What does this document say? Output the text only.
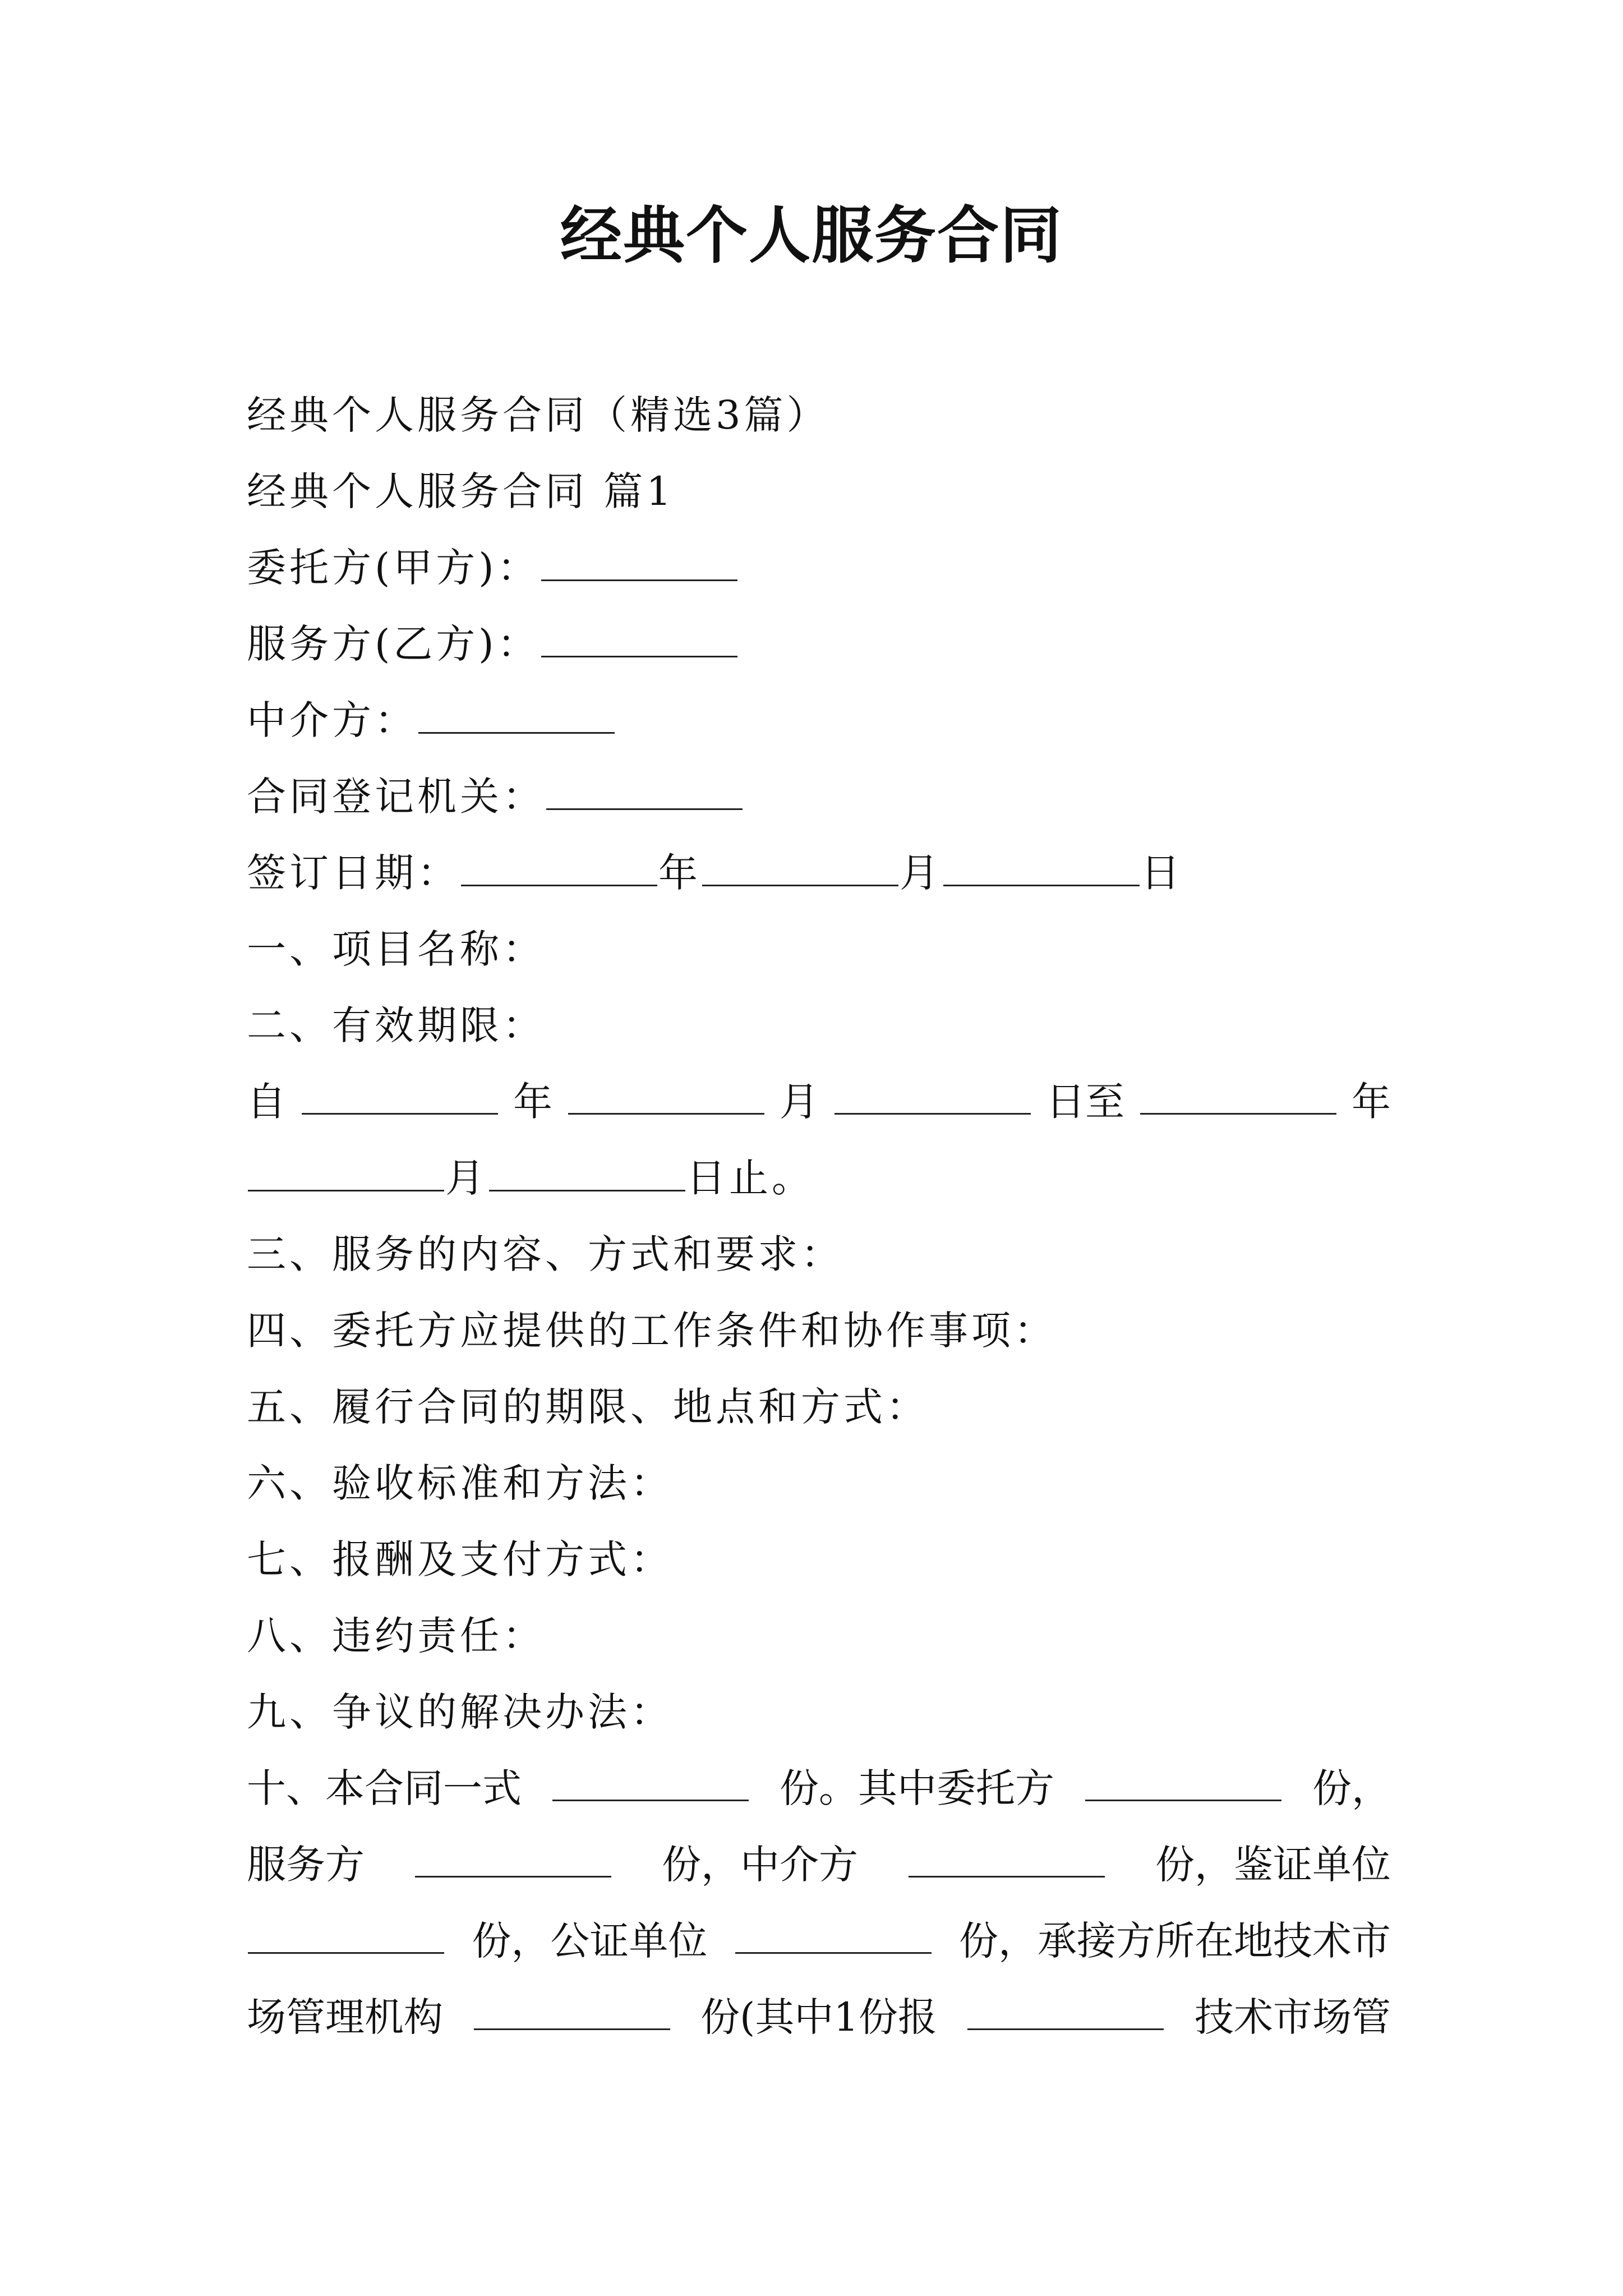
经典个人服务合同
经典个人服务合同（精选3篇）
经典个人服务合同 篇1
委托方(甲方)：
服务方(乙方)：
中介方：
合同登记机关：
签订日期：	年	月	日
一、项目名称：
二、有效期限：
自	年	月	日至	年
月	日止。
三、服务的内容、方式和要求：
四、委托方应提供的工作条件和协作事项：
五、履行合同的期限、地点和方式：
六、验收标准和方法：
七、报酬及支付方式：
八、违约责任：
九、争议的解决办法：
十、本合同一式	份。其中委托方	份，
服务方	份，中介方	份，鉴证单位
份，公证单位	份，承接方所在地技术市
场管理机构	份(其中1份报	技术市场管
